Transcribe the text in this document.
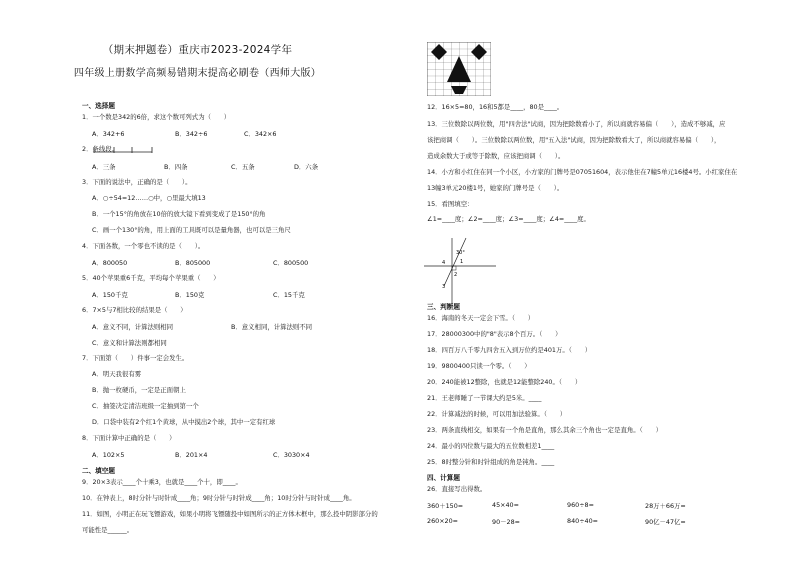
（期末押题卷）重庆市2023-2024学年
四年级上册数学高频易错期末提高必刷卷（西师大版）
一、选择题
1．一个数是342的6倍，求这个数可列式为（　　）
A．342+6	B．342÷6	C．342×6
2．条线段。
A．三条	B．四条	C．五条	D．六条
3．下面的说法中，正确的是（　　）。
A．○÷54=12……○中，○里最大填13
B．一个15°的角放在10倍的放大镜下看到变成了是150°的角
C．画一个130°的角，用上面的工具既可以是量角器，也可以是三角尺
4．下面各数，一个零也不读的是（　　）。
A．800050	B．805000	C．800500
5．40个苹果重6千克，平均每个苹果重（　　）
A．150千克	B．150克	C．15千克
6．7×5与7相比较的结果是（　　）
A．意义不同，计算法则相同	B．意义相同，计算法则不同
C．意义和计算法则都相同
7．下面第（　　）件事一定会发生。
A．明天我很有雾
B．抛一枚硬币，一定是正面朝上
C．抽签决定清洁班级一定抽到第一个
D．口袋中装有2个红1个黄球，从中摸出2个球，其中一定有红球
8．下面计算中正确的是（　　）
A．102×5	B．201×4	C．3030×4
二、填空题
9．20×3表示____个十乘3，也就是____个十，即____。
10．在钟表上，8时分针与时针成____角；9时分针与时针成____角；10时分针与时针成____角。
11．如图，小明正在玩飞镖游戏，如果小明将飞镖随投中如图所示的正方体木框中，那么投中阴影部分的
可能性是______。
12．16×5=80，16和5都是____，80是____。
13．三位数除以两位数，用"四舍法"试商，因为把除数看小了，所以商就容易偏（　　），造成不够减，应
该把商调（　　）。三位数除以两位数，用"五入法"试商，因为把除数看大了，所以商就容易偏（　　），
造成余数大于或等于除数，应该把商调（　　）。
14．小方和小红住在同一个小区，小方家的门牌号是07051604，表示他住在7幢5单元16楼4号。小红家住在
13幢3单元20楼1号，她家的门牌号是（　　）。
15．看图填空：
∠1=____度；∠2=____度；∠3=____度；∠4=____度。
30°
1
2
3
4
三、判断题
16．海南的冬天一定会下雪。（　　）
17．28000300中的"8"表示8个百万。（　　）
18．四百万八千零九四舍五入到万位约是401万。（　　）
19．9800400只读一个零。（　　）
20．240能被12整除，也就是12能整除240。（　　）
21．王老师睡了一节课大约是5米。____
22．计算减法的时候，可以用加法验算。（　　）
23．两条直线相交，如果有一个角是直角，那么其余三个角也一定是直角。（　　）
24．最小的四位数与最大的五位数相差1____
25．8时整分针和时针组成的角是钝角。____
四、计算题
26．直接写出得数。
360＋150=	45×40=	960÷8=	28万＋66万=
260×20=	90－28=	840÷40=	90亿－47亿=
